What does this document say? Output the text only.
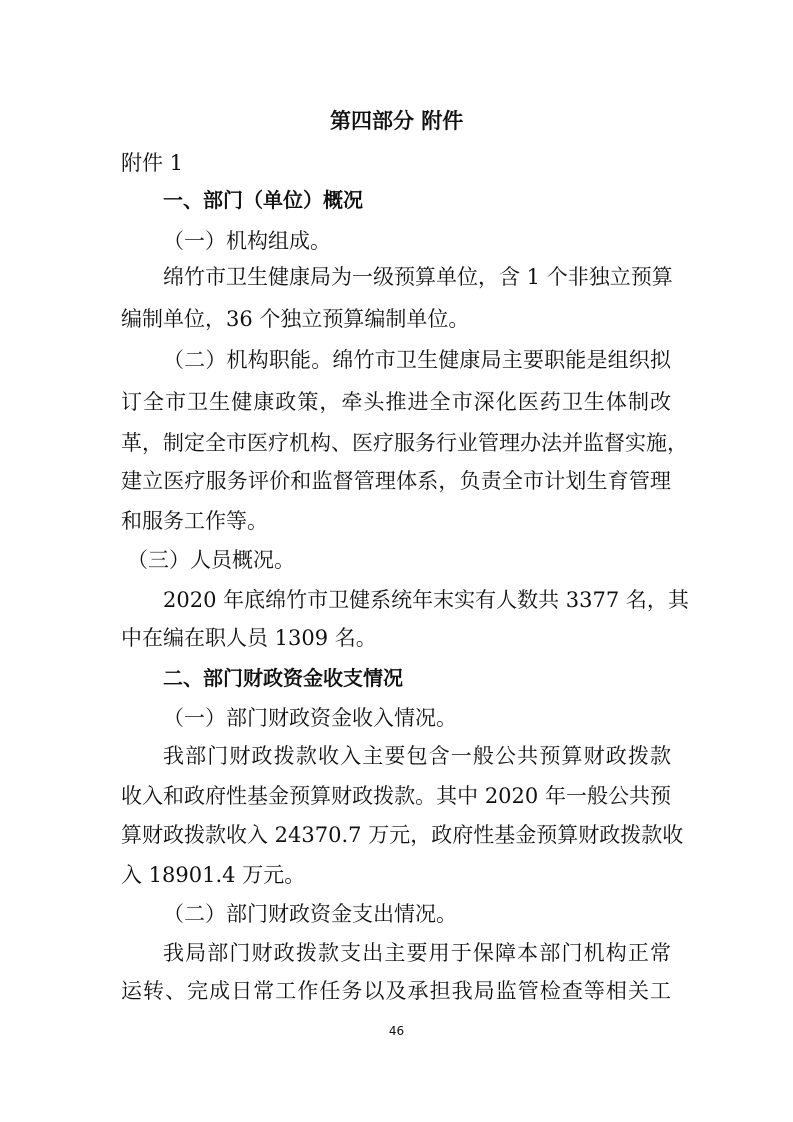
第四部分 附件
附件 1
一、部门（单位）概况
（一）机构组成。
绵竹市卫生健康局为一级预算单位，含 1 个非独立预算
编制单位，36 个独立预算编制单位。
（二）机构职能。绵竹市卫生健康局主要职能是组织拟
订全市卫生健康政策，牵头推进全市深化医药卫生体制改
革，制定全市医疗机构、医疗服务行业管理办法并监督实施，
建立医疗服务评价和监督管理体系，负责全市计划生育管理
和服务工作等。
（三）人员概况。
2020 年底绵竹市卫健系统年末实有人数共 3377 名，其
中在编在职人员 1309 名。
二、部门财政资金收支情况
（一）部门财政资金收入情况。
我部门财政拨款收入主要包含一般公共预算财政拨款
收入和政府性基金预算财政拨款。其中 2020 年一般公共预
算财政拨款收入 24370.7 万元，政府性基金预算财政拨款收
入 18901.4 万元。
（二）部门财政资金支出情况。
我局部门财政拨款支出主要用于保障本部门机构正常
运转、完成日常工作任务以及承担我局监管检查等相关工
46
